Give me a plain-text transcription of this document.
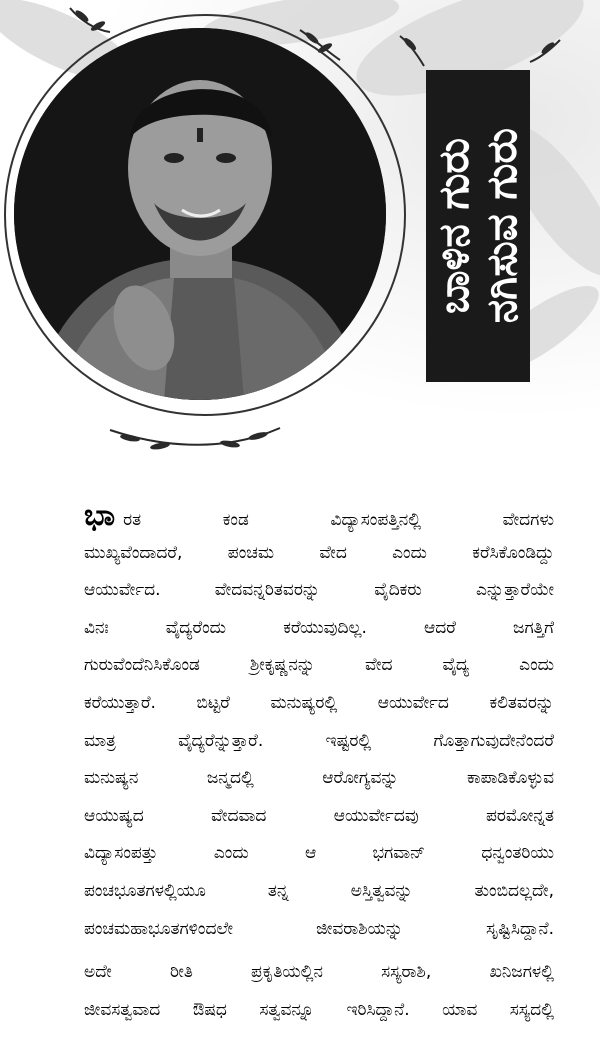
ನಗಿಸುವ ಗುರು
ಬಾಳಿನ ಗುರು
ಭಾ ರತ ಕಂಡ ವಿದ್ಯಾಸಂಪತ್ತಿನಲ್ಲಿ ವೇದಗಳು
ಮುಖ್ಯವೆಂದಾದರೆ, ಪಂಚಮ ವೇದ ಎಂದು ಕರೆಸಿಕೊಂಡಿದ್ದು
ಆಯುರ್ವೇದ. ವೇದವನ್ನರಿತವರನ್ನು ವೈದಿಕರು ಎನ್ನುತ್ತಾರೆಯೇ
ವಿನಃ ವೈದ್ಯರೆಂದು ಕರೆಯುವುದಿಲ್ಲ. ಆದರೆ ಜಗತ್ತಿಗೆ
ಗುರುವೆಂದೆನಿಸಿಕೊಂಡ ಶ್ರೀಕೃಷ್ಣನನ್ನು ವೇದ ವೈದ್ಯ ಎಂದು
ಕರೆಯುತ್ತಾರೆ. ಬಿಟ್ಟರೆ ಮನುಷ್ಯರಲ್ಲಿ ಆಯುರ್ವೇದ ಕಲಿತವರನ್ನು
ಮಾತ್ರ ವೈದ್ಯರೆನ್ನುತ್ತಾರೆ. ಇಷ್ಟರಲ್ಲಿ ಗೊತ್ತಾಗುವುದೇನೆಂದರೆ
ಮನುಷ್ಯನ ಜನ್ಮದಲ್ಲಿ ಆರೋಗ್ಯವನ್ನು ಕಾಪಾಡಿಕೊಳ್ಳುವ
ಆಯುಷ್ಯದ ವೇದವಾದ ಆಯುರ್ವೇದವು ಪರಮೋನ್ನತ
ವಿದ್ಯಾಸಂಪತ್ತು ಎಂದು ಆ ಭಗವಾನ್ ಧನ್ವಂತರಿಯು
ಪಂಚಭೂತಗಳಲ್ಲಿಯೂ ತನ್ನ ಅಸ್ತಿತ್ವವನ್ನು ತುಂಬಿದಲ್ಲದೇ,
ಪಂಚಮಹಾಭೂತಗಳಿಂದಲೇ ಜೀವರಾಶಿಯನ್ನು ಸೃಷ್ಟಿಸಿದ್ದಾನೆ.
ಅದೇ ರೀತಿ ಪ್ರಕೃತಿಯಲ್ಲಿನ ಸಸ್ಯರಾಶಿ, ಖನಿಜಗಳಲ್ಲಿ
ಜೀವಸತ್ವವಾದ ಔಷಧ ಸತ್ವವನ್ನೂ ಇರಿಸಿದ್ದಾನೆ. ಯಾವ ಸಸ್ಯದಲ್ಲಿ
